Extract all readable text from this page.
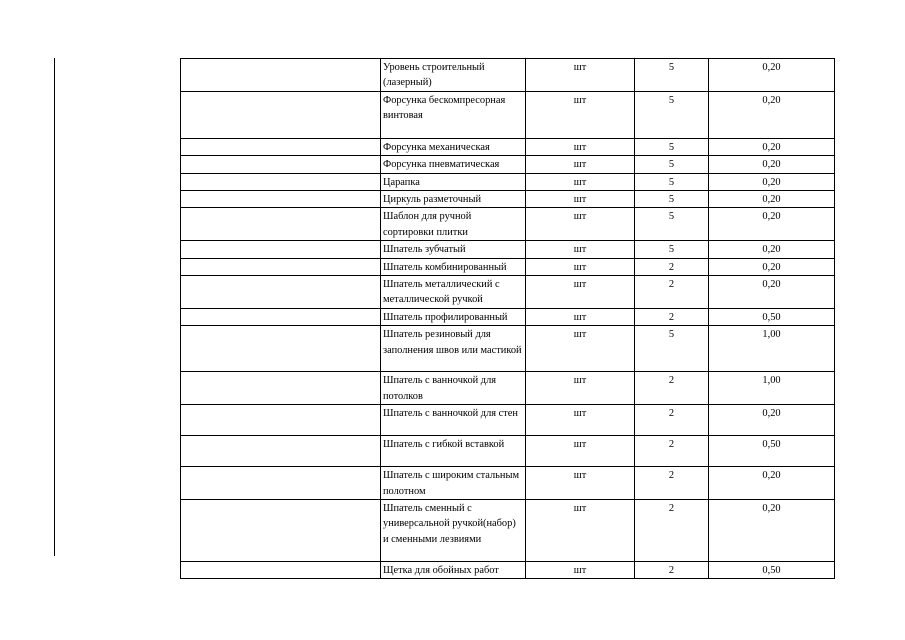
	Уровень строительный (лазерный)	шт	5	0,20
	Форсунка бескомпресорная винтовая	шт	5	0,20
	Форсунка механическая	шт	5	0,20
	Форсунка пневматическая	шт	5	0,20
	Царапка	шт	5	0,20
	Циркуль разметочный	шт	5	0,20
	Шаблон для ручной сортировки плитки	шт	5	0,20
	Шпатель зубчатый	шт	5	0,20
	Шпатель комбинированный	шт	2	0,20
	Шпатель металлический с металлической ручкой	шт	2	0,20
	Шпатель профилированный	шт	2	0,50
	Шпатель резиновый для заполнения швов или мастикой	шт	5	1,00
	Шпатель с ванночкой для потолков	шт	2	1,00
	Шпатель с ванночкой для стен	шт	2	0,20
	Шпатель с гибкой вставкой	шт	2	0,50
	Шпатель с широким стальным полотном	шт	2	0,20
	Шпатель сменный с универсальной ручкой(набор) и сменными лезвиями	шт	2	0,20
	Щетка для обойных работ	шт	2	0,50
